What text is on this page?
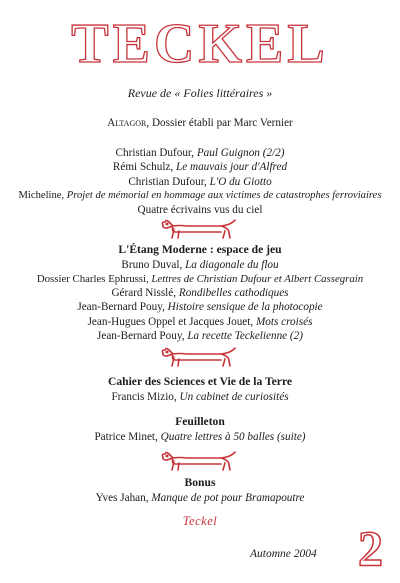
TECKEL
Revue de « Folies littéraires »
Altagor, Dossier établi par Marc Vernier
Christian Dufour, Paul Guignon (2/2)
Rémi Schulz, Le mauvais jour d'Alfred
Christian Dufour, L'O du Giotto
Micheline, Projet de mémorial en hommage aux victimes de catastrophes ferroviaires
Quatre écrivains vus du ciel
L'Étang Moderne : espace de jeu
Bruno Duval, La diagonale du flou
Dossier Charles Ephrussi, Lettres de Christian Dufour et Albert Cassegrain
Gérard Nisslé, Rondibelles cathodiques
Jean-Bernard Pouy, Histoire sensique de la photocopie
Jean-Hugues Oppel et Jacques Jouet, Mots croisés
Jean-Bernard Pouy, La recette Teckelienne (2)
Cahier des Sciences et Vie de la Terre
Francis Mizio, Un cabinet de curiosités
Feuilleton
Patrice Minet, Quatre lettres à 50 balles (suite)
Bonus
Yves Jahan, Manque de pot pour Bramapoutre
Teckel
Automne 2004 2
